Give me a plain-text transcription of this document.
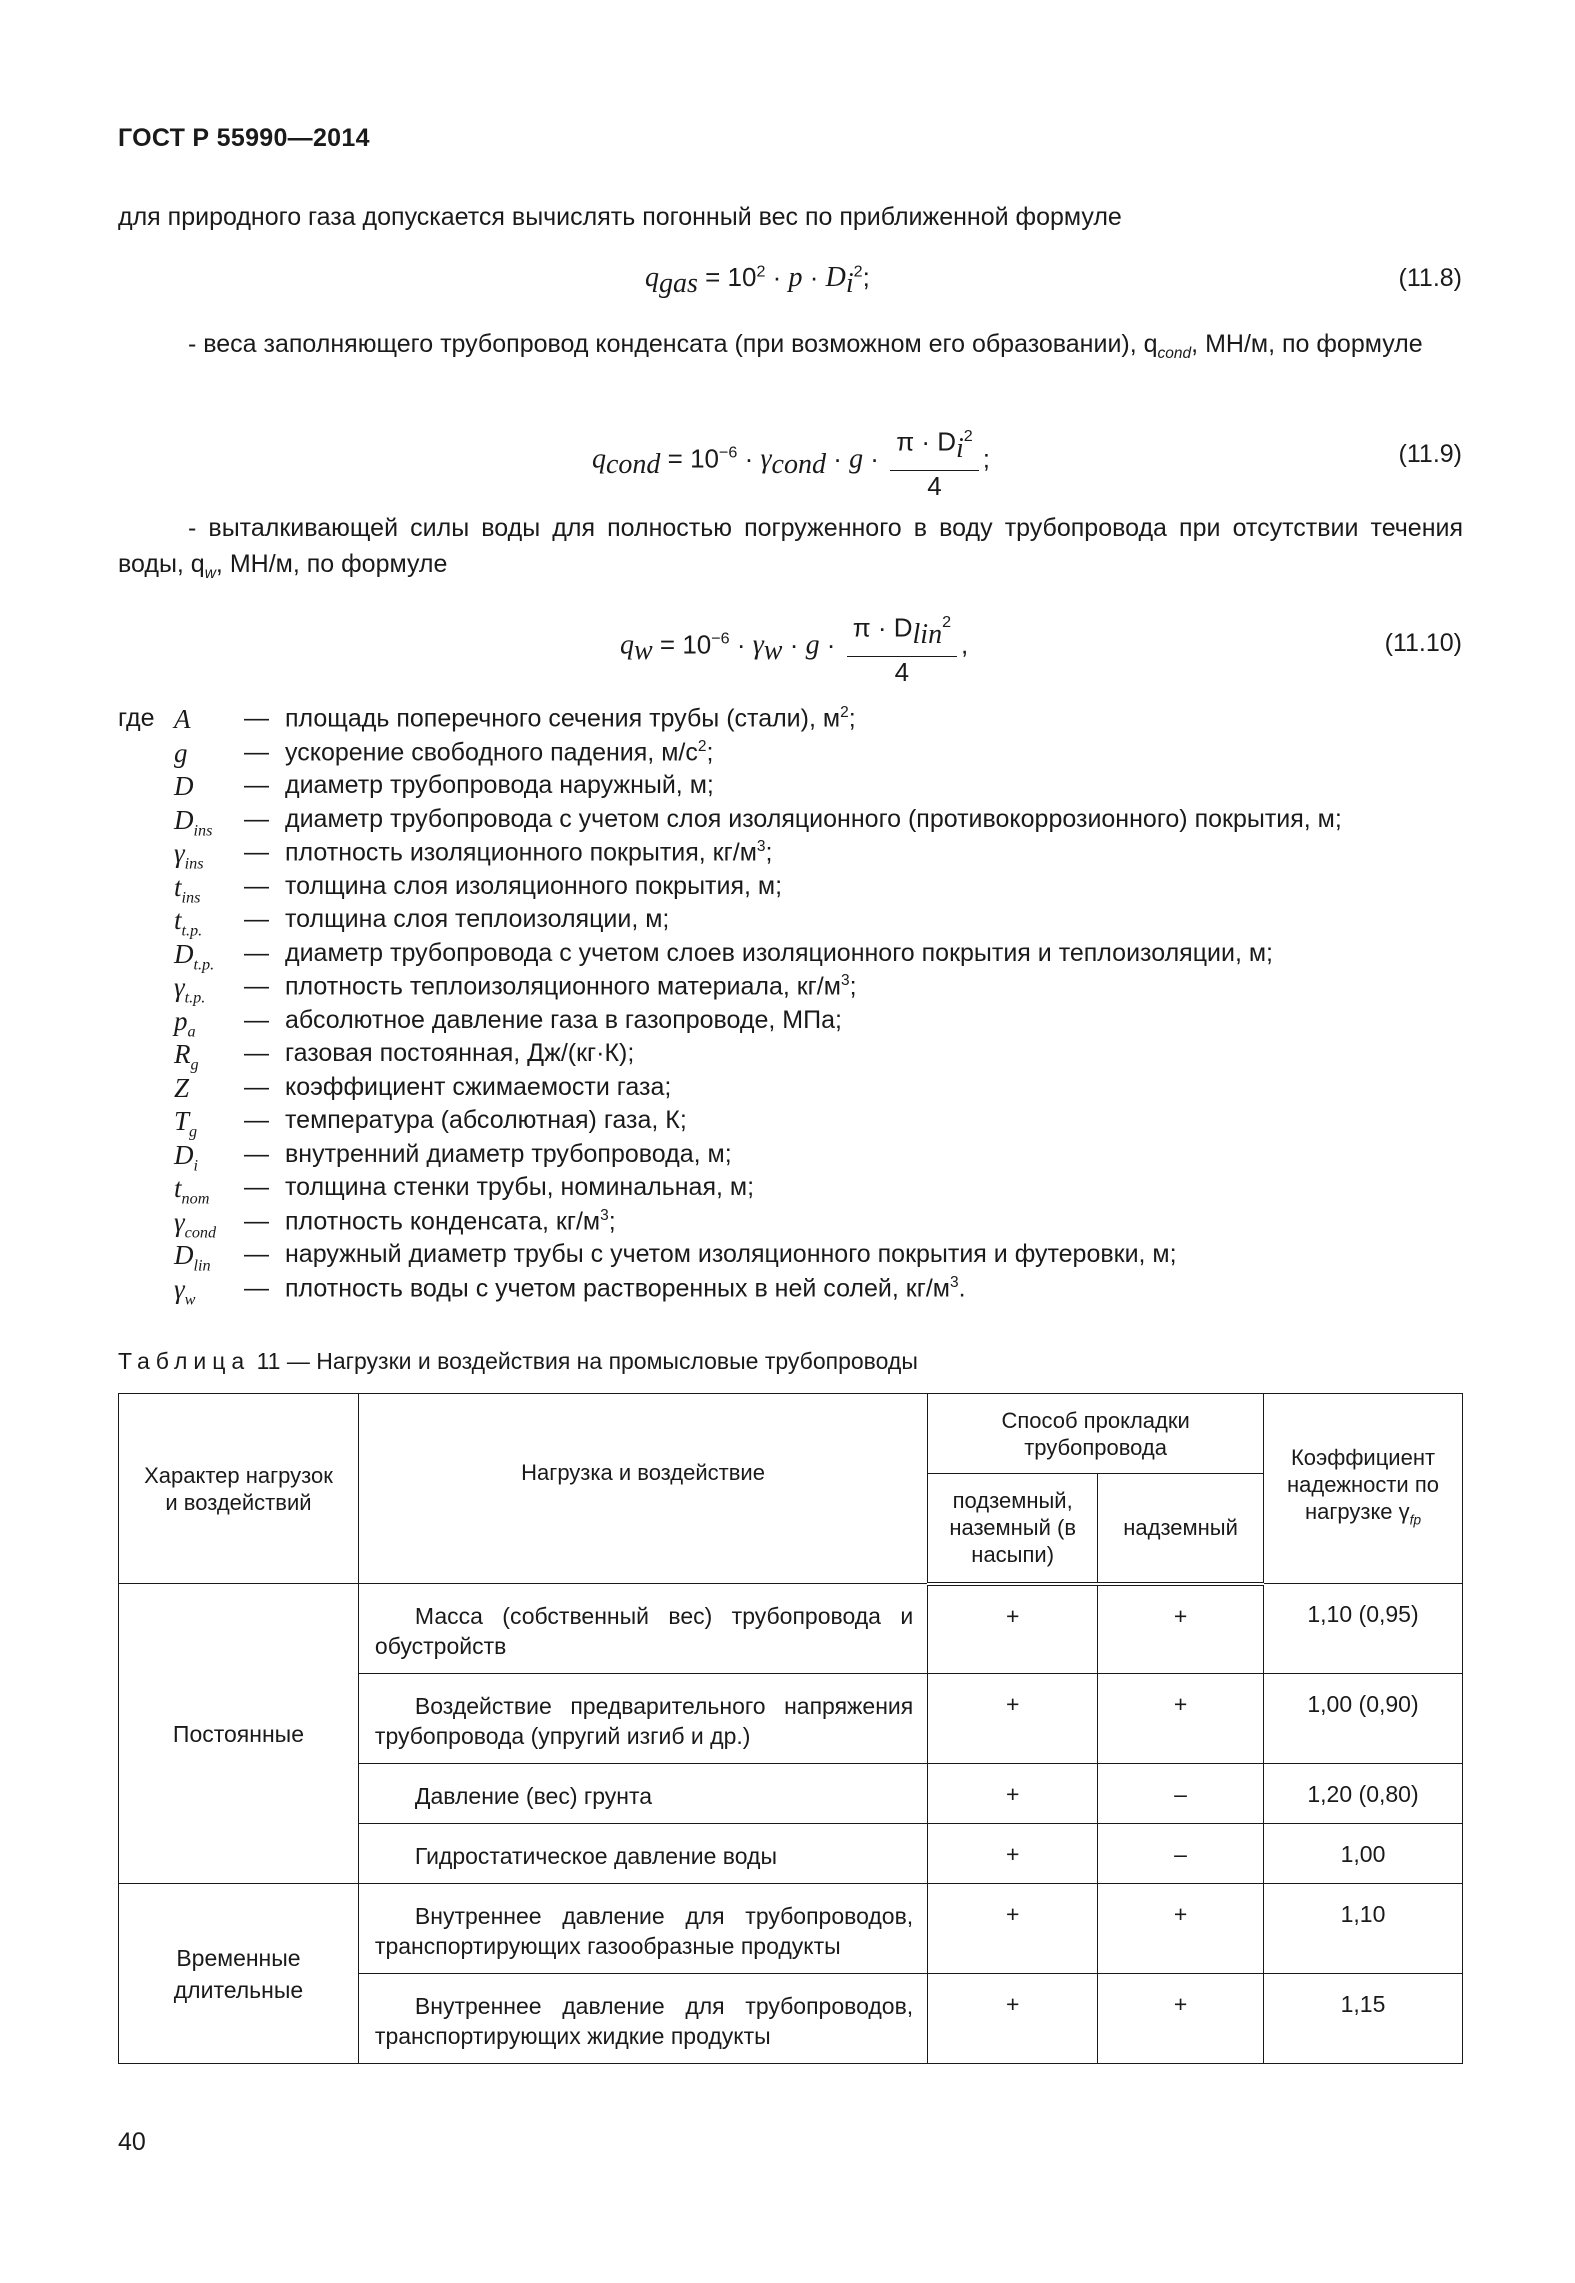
ГОСТ Р 55990—2014
для природного газа допускается вычислять погонный вес по приближенной формуле
$q_{gas} = 10^2 \cdot p \cdot D_i^2$;	(11.8)
- веса заполняющего трубопровод конденсата (при возможном его образовании), $q_{cond}$, МН/м, по формуле
$q_{cond} = 10^{-6} \cdot \gamma_{cond} \cdot g \cdot \frac{\pi \cdot D_i^2}{4}$ ;	(11.9)
- выталкивающей силы воды для полностью погруженного в воду трубопровода при отсутствии течения воды, $q_w$, МН/м, по формуле
$q_w = 10^{-6} \cdot \gamma_w \cdot g \cdot \frac{\pi \cdot D_{lin}^2}{4}$ ,	(11.10)
где A — площадь поперечного сечения трубы (стали), $м^2$;
g — ускорение свободного падения, $м/с^2$;
D — диаметр трубопровода наружный, м;
$D_{ins}$ — диаметр трубопровода с учетом слоя изоляционного (противокоррозионного) покрытия, м;
$\gamma_{ins}$ — плотность изоляционного покрытия, $кг/м^3$;
$t_{ins}$ — толщина слоя изоляционного покрытия, м;
$t_{t.p.}$ — толщина слоя теплоизоляции, м;
$D_{t.p.}$ — диаметр трубопровода с учетом слоев изоляционного покрытия и теплоизоляции, м;
$\gamma_{t.p.}$ — плотность теплоизоляционного материала, $кг/м^3$;
$p_a$ — абсолютное давление газа в газопроводе, МПа;
$R_g$ — газовая постоянная, Дж/(кг·К);
Z — коэффициент сжимаемости газа;
$T_g$ — температура (абсолютная) газа, К;
$D_i$ — внутренний диаметр трубопровода, м;
$t_{nom}$ — толщина стенки трубы, номинальная, м;
$\gamma_{cond}$ — плотность конденсата, $кг/м^3$;
$D_{lin}$ — наружный диаметр трубы с учетом изоляционного покрытия и футеровки, м;
$\gamma_w$ — плотность воды с учетом растворенных в ней солей, $кг/м^3$.
Таблица 11 — Нагрузки и воздействия на промысловые трубопроводы
Характер нагрузок и воздействий	Нагрузка и воздействие	Способ прокладки трубопровода		Коэффициент надежности по нагрузке $\gamma_{fp}$

		подземный, наземный (в насыпи)	надземный	

Постоянные	Масса (собственный вес) трубопровода и обустройств	+	+	1,10 (0,95)

	Воздействие предварительного напряжения трубопровода (упругий изгиб и др.)	+	+	1,00 (0,90)

	Давление (вес) грунта	+	–	1,20 (0,80)

	Гидростатическое давление воды	+	–	1,00

Временные длительные	Внутреннее давление для трубопроводов, транспортирующих газообразные продукты	+	+	1,10

	Внутреннее давление для трубопроводов, транспортирующих жидкие продукты	+	+	1,15
40
